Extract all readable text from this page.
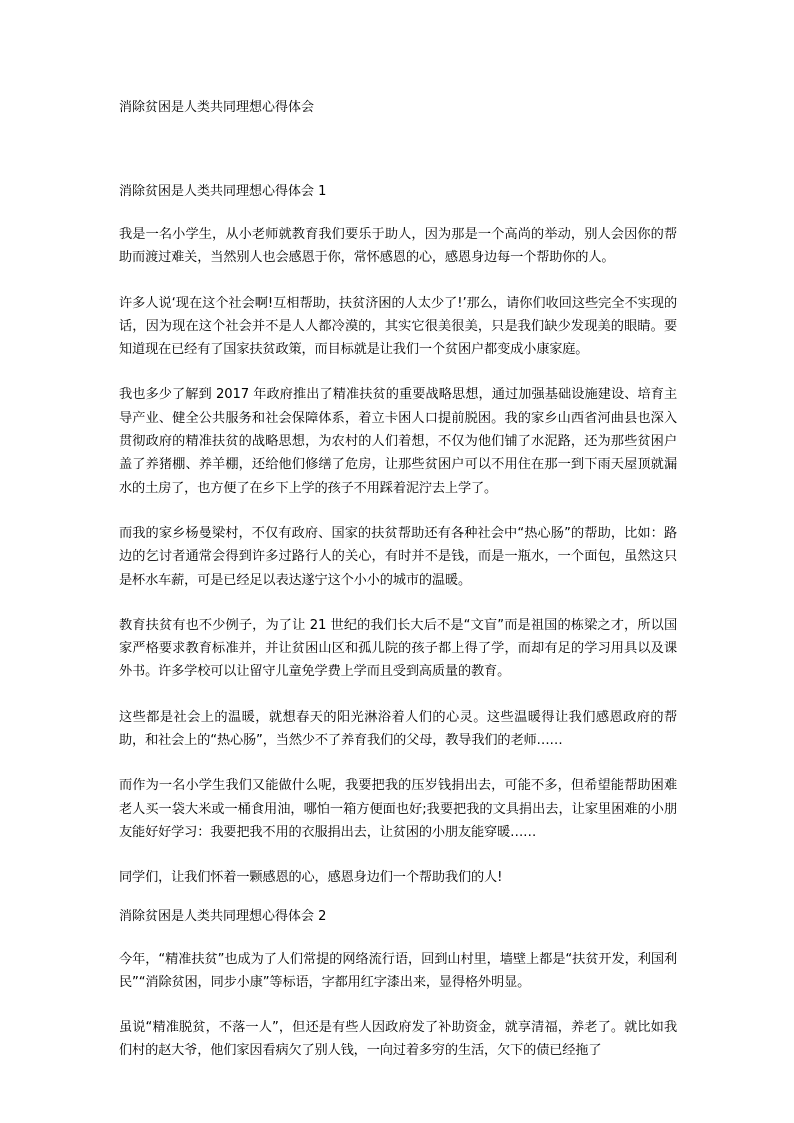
消除贫困是人类共同理想心得体会
消除贫困是人类共同理想心得体会 1

我是一名小学生，从小老师就教育我们要乐于助人，因为那是一个高尚的举动，别人会因你的帮助而渡过难关，当然别人也会感恩于你，常怀感恩的心，感恩身边每一个帮助你的人。

许多人说‘现在这个社会啊!互相帮助，扶贫济困的人太少了!’那么，请你们收回这些完全不实现的话，因为现在这个社会并不是人人都冷漠的，其实它很美很美，只是我们缺少发现美的眼睛。要知道现在已经有了国家扶贫政策，而目标就是让我们一个贫困户都变成小康家庭。

我也多少了解到 2017 年政府推出了精准扶贫的重要战略思想，通过加强基础设施建设、培育主导产业、健全公共服务和社会保障体系，着立卡困人口提前脱困。我的家乡山西省河曲县也深入贯彻政府的精准扶贫的战略思想，为农村的人们着想，不仅为他们铺了水泥路，还为那些贫困户盖了养猪棚、养羊棚，还给他们修缮了危房，让那些贫困户可以不用住在那一到下雨天屋顶就漏水的土房了，也方便了在乡下上学的孩子不用踩着泥泞去上学了。

而我的家乡杨曼梁村，不仅有政府、国家的扶贫帮助还有各种社会中“热心肠”的帮助，比如：路边的乞讨者通常会得到许多过路行人的关心，有时并不是钱，而是一瓶水，一个面包，虽然这只是杯水车薪，可是已经足以表达遂宁这个小小的城市的温暖。

教育扶贫有也不少例子，为了让 21 世纪的我们长大后不是“文盲”而是祖国的栋梁之才，所以国家严格要求教育标准并，并让贫困山区和孤儿院的孩子都上得了学，而却有足的学习用具以及课外书。许多学校可以让留守儿童免学费上学而且受到高质量的教育。

这些都是社会上的温暖，就想春天的阳光淋浴着人们的心灵。这些温暖得让我们感恩政府的帮助，和社会上的“热心肠”，当然少不了养育我们的父母，教导我们的老师……

而作为一名小学生我们又能做什么呢，我要把我的压岁钱捐出去，可能不多，但希望能帮助困难老人买一袋大米或一桶食用油，哪怕一箱方便面也好;我要把我的文具捐出去，让家里困难的小朋友能好好学习：我要把我不用的衣服捐出去，让贫困的小朋友能穿暖……

同学们，让我们怀着一颗感恩的心，感恩身边们一个帮助我们的人!

消除贫困是人类共同理想心得体会 2

今年，“精准扶贫”也成为了人们常提的网络流行语，回到山村里，墙壁上都是“扶贫开发，利国利民”“消除贫困，同步小康”等标语，字都用红字漆出来，显得格外明显。

虽说“精准脱贫，不落一人”，但还是有些人因政府发了补助资金，就享清福，养老了。就比如我们村的赵大爷，他们家因看病欠了别人钱，一向过着多穷的生活，欠下的债已经拖了
